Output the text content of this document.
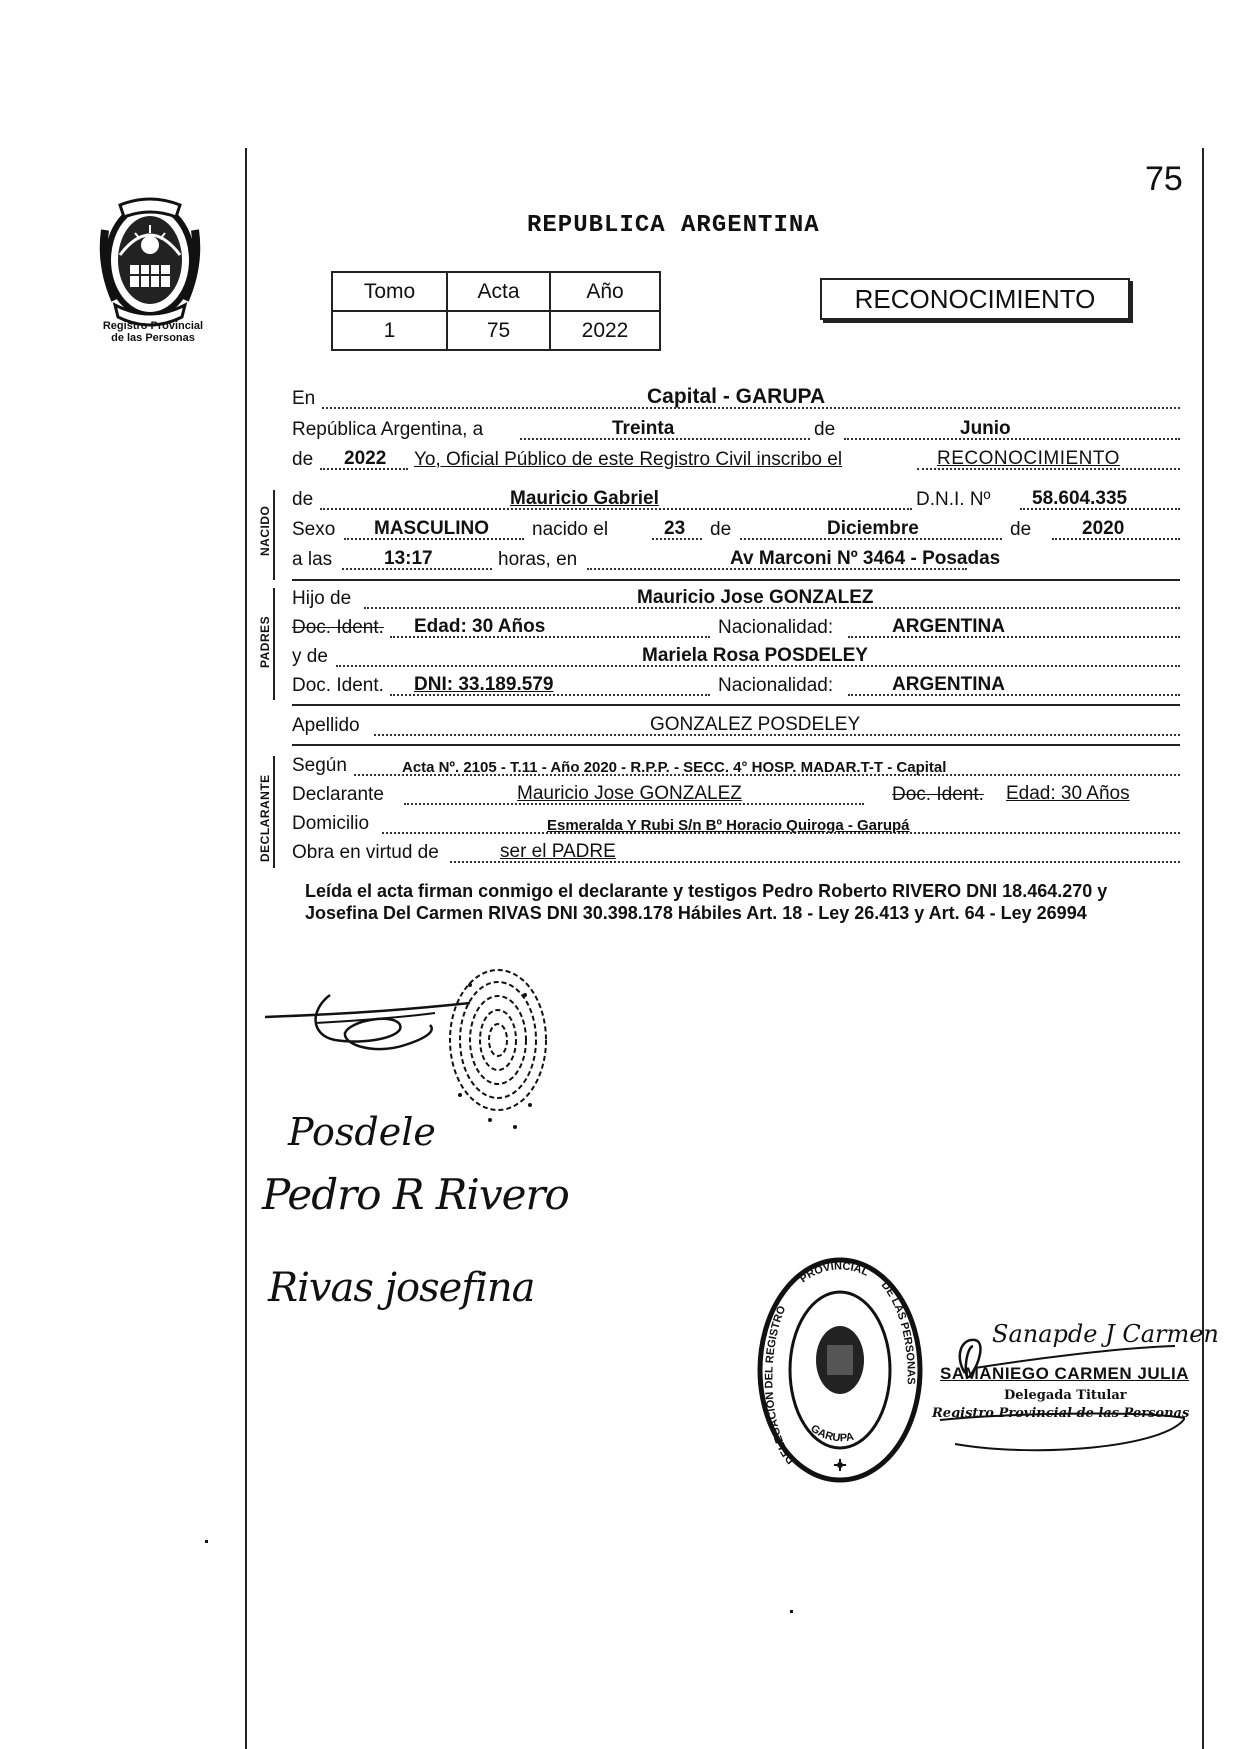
Registro Provincial
de las Personas
75
REPUBLICA ARGENTINA
Tomo	Acta	Año
1	75	2022
RECONOCIMIENTO
En	Capital - GARUPA
República Argentina, a	Treinta	de	Junio
de 2022 Yo, Oficial Público de este Registro Civil inscribo el	RECONOCIMIENTO
NACIDO
de	Mauricio Gabriel	D.N.I. Nº 58.604.335
Sexo MASCULINO nacido el	23 de	Diciembre	de	2020
a las	13:17	horas, en	Av Marconi Nº 3464 - Posadas
PADRES
Hijo de	Mauricio Jose GONZALEZ
Doc. Ident. Edad: 30 Años	Nacionalidad:	ARGENTINA
y de	Mariela Rosa POSDELEY
Doc. Ident. DNI: 33.189.579	Nacionalidad:	ARGENTINA
Apellido	GONZALEZ POSDELEY
DECLARANTE
Según	Acta Nº. 2105 - T.11 - Año 2020 - R.P.P. - SECC. 4° HOSP. MADAR.T-T - Capital
Declarante	Mauricio Jose GONZALEZ	Doc. Ident. Edad: 30 Años
Domicilio	Esmeralda Y Rubi S/n Bº Horacio Quiroga - Garupá
Obra en virtud de	ser el PADRE
Leída el acta firman conmigo el declarante y testigos Pedro Roberto RIVERO DNI 18.464.270 y Josefina Del Carmen RIVAS DNI 30.398.178 Hábiles Art. 18 - Ley 26.413 y Art. 64 - Ley 26994
Posdele
Pedro R Rivero
Rivas josefina
DELEGACION DEL REGISTRO
PROVINCIAL
DE LAS PERSONAS
GARUPA
Sanapde J Carmen
SAMANIEGO CARMEN JULIA
Delegada Titular
Registro Provincial de las Personas
